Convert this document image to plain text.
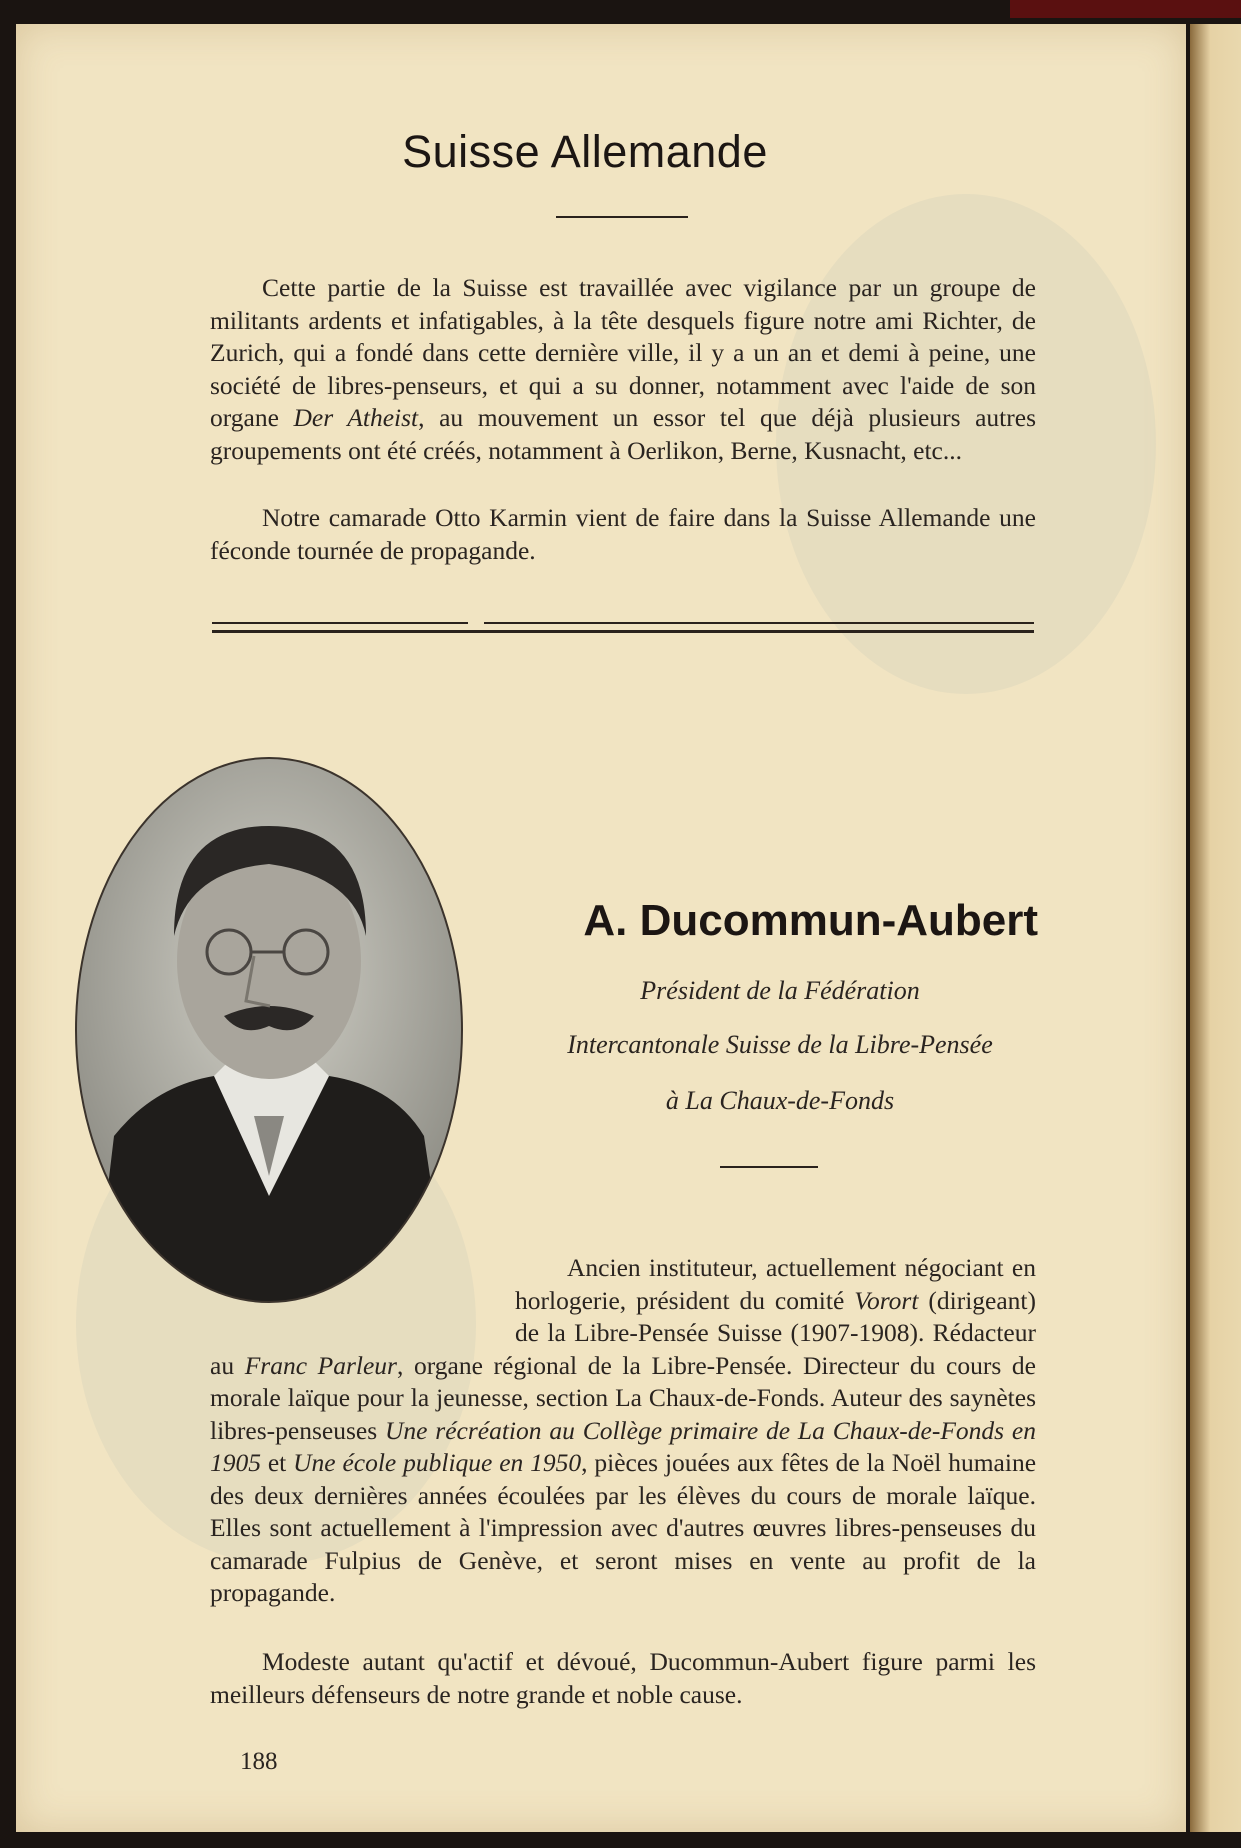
Suisse Allemande

Cette partie de la Suisse est travaillée avec vigilance par un groupe de militants ardents et infatigables, à la tête desquels figure notre ami Richter, de Zurich, qui a fondé dans cette dernière ville, il y a un an et demi à peine, une société de libres-penseurs, et qui a su donner, notamment avec l'aide de son organe Der Atheist, au mouvement un essor tel que déjà plusieurs autres groupements ont été créés, notamment à Oerlikon, Berne, Kusnacht, etc...

Notre camarade Otto Karmin vient de faire dans la Suisse Allemande une féconde tournée de propagande.

A. Ducommun-Aubert
Président de la Fédération
Intercantonale Suisse de la Libre-Pensée
à La Chaux-de-Fonds
Ancien instituteur, actuellement négociant en horlogerie, président du comité Vorort (dirigeant) de la Libre-Pensée Suisse (1907-1908). Rédacteur au Franc Parleur, organe régional de la Libre-Pensée. Directeur du cours de morale laïque pour la jeunesse, section La Chaux-de-Fonds. Auteur des saynètes libres-penseuses Une récréation au Collège primaire de La Chaux-de-Fonds en 1905 et Une école publique en 1950, pièces jouées aux fêtes de la Noël humaine des deux dernières années écoulées par les élèves du cours de morale laïque. Elles sont actuellement à l'impression avec d'autres œuvres libres-penseuses du camarade Fulpius de Genève, et seront mises en vente au profit de la propagande.

Modeste autant qu'actif et dévoué, Ducommun-Aubert figure parmi les meilleurs défenseurs de notre grande et noble cause.

188
